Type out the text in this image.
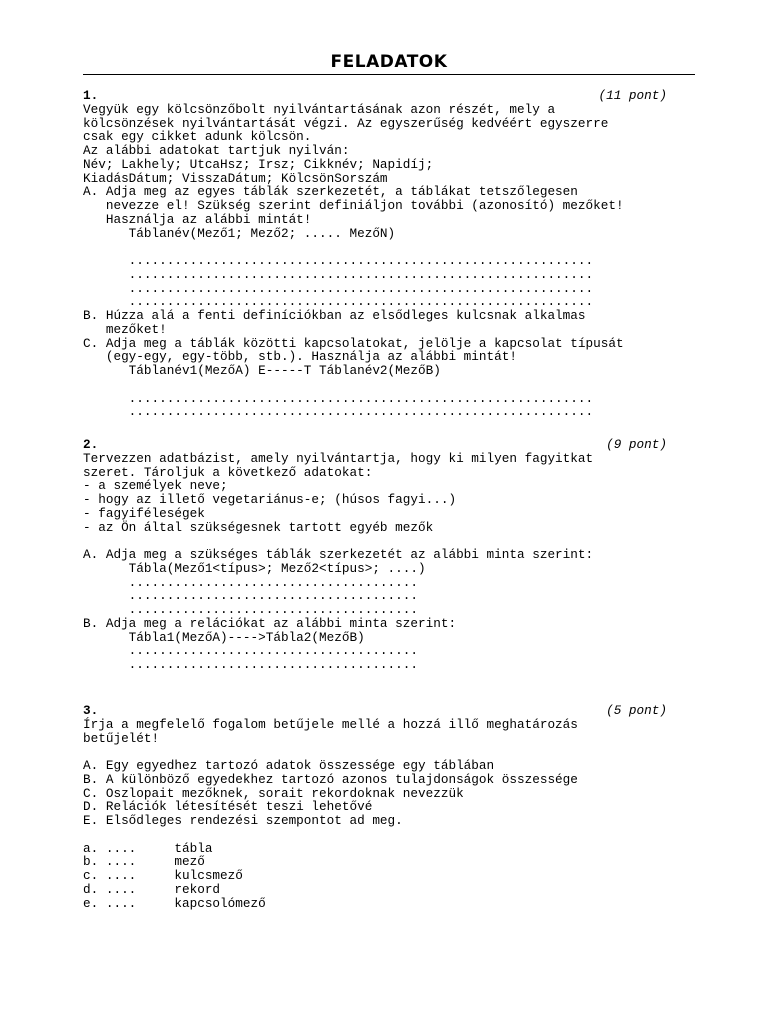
FELADATOK
1.	(11 pont)
Vegyük egy kölcsönzőbolt nyilvántartásának azon részét, mely a
kölcsönzések nyilvántartását végzi. Az egyszerűség kedvéért egyszerre
csak egy cikket adunk kölcsön.
Az alábbi adatokat tartjuk nyilván:
Név; Lakhely; UtcaHsz; Irsz; Cikknév; Napidíj;
KiadásDátum; VisszaDátum; KölcsönSorszám
A. Adja meg az egyes táblák szerkezetét, a táblákat tetszőlegesen
nevezze el! Szükség szerint definiáljon további (azonosító) mezőket!
Használja az alábbi mintát!
Táblanév(Mező1; Mező2; ..... MezőN)
.............................................................
.............................................................
.............................................................
.............................................................
B. Húzza alá a fenti definíciókban az elsődleges kulcsnak alkalmas
mezőket!
C. Adja meg a táblák közötti kapcsolatokat, jelölje a kapcsolat típusát
(egy-egy, egy-több, stb.). Használja az alábbi mintát!
Táblanév1(MezőA) E-----T Táblanév2(MezőB)
.............................................................
.............................................................
2.	(9 pont)
Tervezzen adatbázist, amely nyilvántartja, hogy ki milyen fagyitkat
szeret. Tároljuk a következő adatokat:
- a személyek neve;
- hogy az illető vegetariánus-e; (húsos fagyi...)
- fagyiféleségek
- az Ön által szükségesnek tartott egyéb mezők
A. Adja meg a szükséges táblák szerkezetét az alábbi minta szerint:
Tábla(Mező1<típus>; Mező2<típus>; ....)
......................................
......................................
......................................
B. Adja meg a relációkat az alábbi minta szerint:
Tábla1(MezőA)---->Tábla2(MezőB)
......................................
......................................
3.	(5 pont)
Írja a megfelelő fogalom betűjele mellé a hozzá illő meghatározás
betűjelét!
A. Egy egyedhez tartozó adatok összessége egy táblában
B. A különböző egyedekhez tartozó azonos tulajdonságok összessége
C. Oszlopait mezőknek, sorait rekordoknak nevezzük
D. Relációk létesítését teszi lehetővé
E. Elsődleges rendezési szempontot ad meg.
a. ....     tábla
b. ....     mező
c. ....     kulcsmező
d. ....     rekord
e. ....     kapcsolómező
